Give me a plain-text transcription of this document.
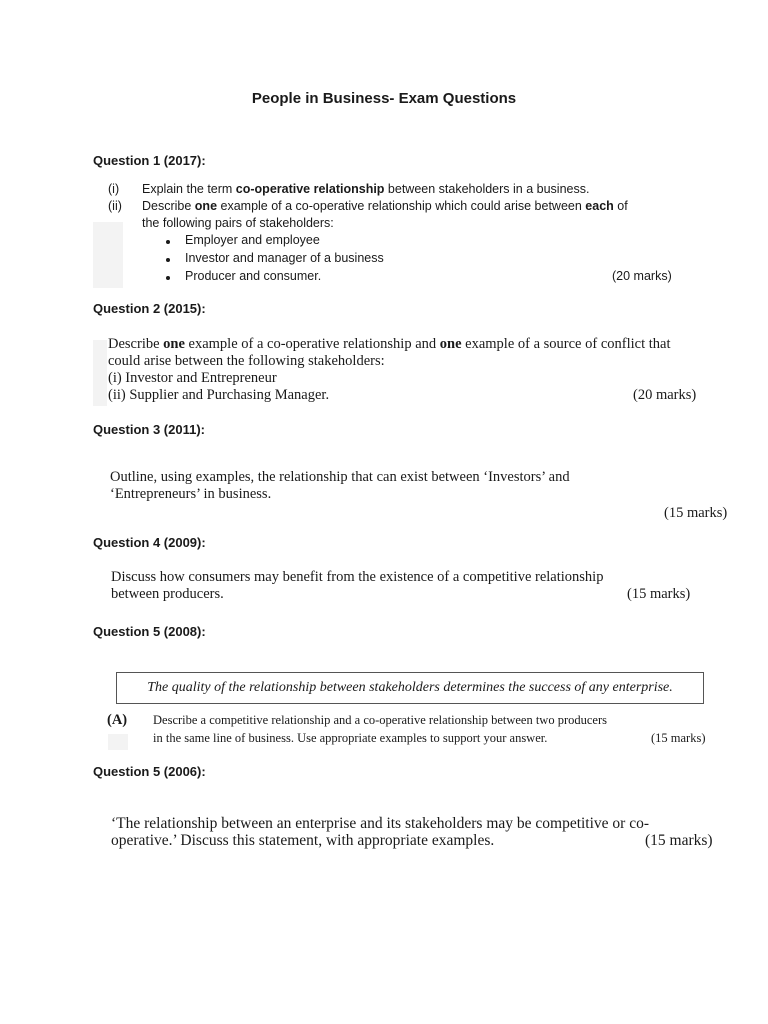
People in Business- Exam Questions
Question 1 (2017):
(i) Explain the term co-operative relationship between stakeholders in a business.
(ii) Describe one example of a co-operative relationship which could arise between each of
the following pairs of stakeholders:
Employer and employee
Investor and manager of a business
Producer and consumer.	(20 marks)
Question 2 (2015):
Describe one example of a co-operative relationship and one example of a source of conflict that
could arise between the following stakeholders:
(i) Investor and Entrepreneur
(ii) Supplier and Purchasing Manager.	(20 marks)
Question 3 (2011):
Outline, using examples, the relationship that can exist between ‘Investors’ and
‘Entrepreneurs’ in business.
(15 marks)
Question 4 (2009):
Discuss how consumers may benefit from the existence of a competitive relationship
between producers.	(15 marks)
Question 5 (2008):
The quality of the relationship between stakeholders determines the success of any enterprise.
(A) Describe a competitive relationship and a co-operative relationship between two producers
in the same line of business. Use appropriate examples to support your answer.	(15 marks)
Question 5 (2006):
‘The relationship between an enterprise and its stakeholders may be competitive or co-
operative.’ Discuss this statement, with appropriate examples.	(15 marks)
